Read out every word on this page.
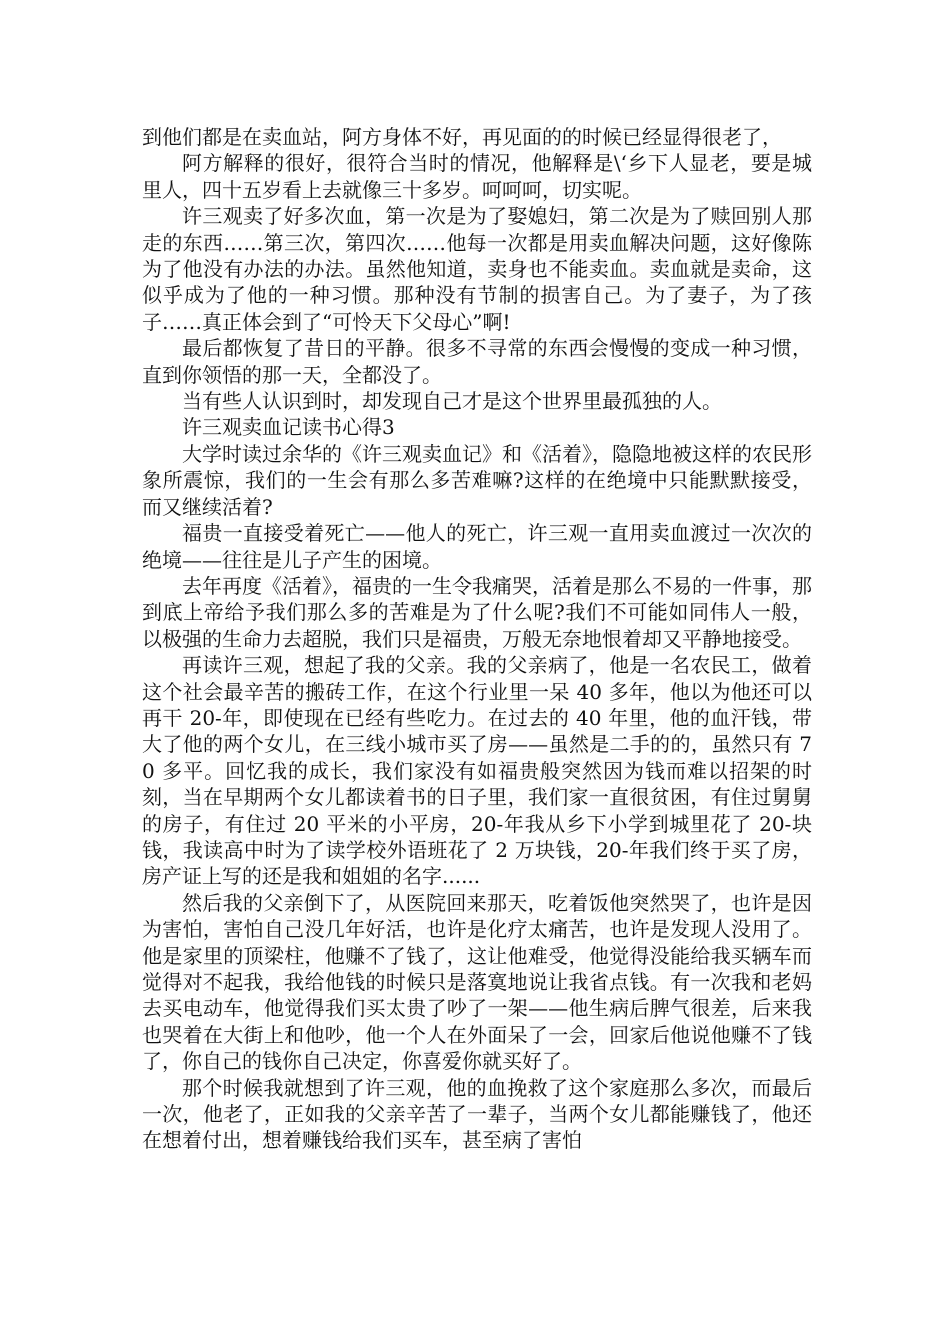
到他们都是在卖血站，阿方身体不好，再见面的的时候已经显得很老了，

阿方解释的很好，很符合当时的情况，他解释是\‘乡下人显老，要是城里人，四十五岁看上去就像三十多岁。呵呵呵，切实呢。

许三观卖了好多次血，第一次是为了娶媳妇，第二次是为了赎回别人那走的东西……第三次，第四次……他每一次都是用卖血解决问题，这好像陈为了他没有办法的办法。虽然他知道，卖身也不能卖血。卖血就是卖命，这似乎成为了他的一种习惯。那种没有节制的损害自己。为了妻子，为了孩子……真正体会到了“可怜天下父母心”啊!

最后都恢复了昔日的平静。很多不寻常的东西会慢慢的变成一种习惯，直到你领悟的那一天，全都没了。

当有些人认识到时，却发现自己才是这个世界里最孤独的人。

许三观卖血记读书心得3

大学时读过余华的《许三观卖血记》和《活着》，隐隐地被这样的农民形象所震惊，我们的一生会有那么多苦难嘛?这样的在绝境中只能默默接受，而又继续活着?

福贵一直接受着死亡——他人的死亡，许三观一直用卖血渡过一次次的绝境——往往是儿子产生的困境。

去年再度《活着》，福贵的一生令我痛哭，活着是那么不易的一件事，那到底上帝给予我们那么多的苦难是为了什么呢?我们不可能如同伟人一般，以极强的生命力去超脱，我们只是福贵，万般无奈地恨着却又平静地接受。

再读许三观，想起了我的父亲。我的父亲病了，他是一名农民工，做着这个社会最辛苦的搬砖工作，在这个行业里一呆 40 多年，他以为他还可以再干 20-年，即使现在已经有些吃力。在过去的 40 年里，他的血汗钱，带大了他的两个女儿，在三线小城市买了房——虽然是二手的的，虽然只有 70 多平。回忆我的成长，我们家没有如福贵般突然因为钱而难以招架的时刻，当在早期两个女儿都读着书的日子里，我们家一直很贫困，有住过舅舅的房子，有住过 20 平米的小平房，20-年我从乡下小学到城里花了 20-块钱，我读高中时为了读学校外语班花了 2 万块钱，20-年我们终于买了房，房产证上写的还是我和姐姐的名字......

然后我的父亲倒下了，从医院回来那天，吃着饭他突然哭了，也许是因为害怕，害怕自己没几年好活，也许是化疗太痛苦，也许是发现人没用了。他是家里的顶梁柱，他赚不了钱了，这让他难受，他觉得没能给我买辆车而觉得对不起我，我给他钱的时候只是落寞地说让我省点钱。有一次我和老妈去买电动车，他觉得我们买太贵了吵了一架——他生病后脾气很差，后来我也哭着在大街上和他吵，他一个人在外面呆了一会，回家后他说他赚不了钱了，你自己的钱你自己决定，你喜爱你就买好了。

那个时候我就想到了许三观，他的血挽救了这个家庭那么多次，而最后一次，他老了，正如我的父亲辛苦了一辈子，当两个女儿都能赚钱了，他还在想着付出，想着赚钱给我们买车，甚至病了害怕
